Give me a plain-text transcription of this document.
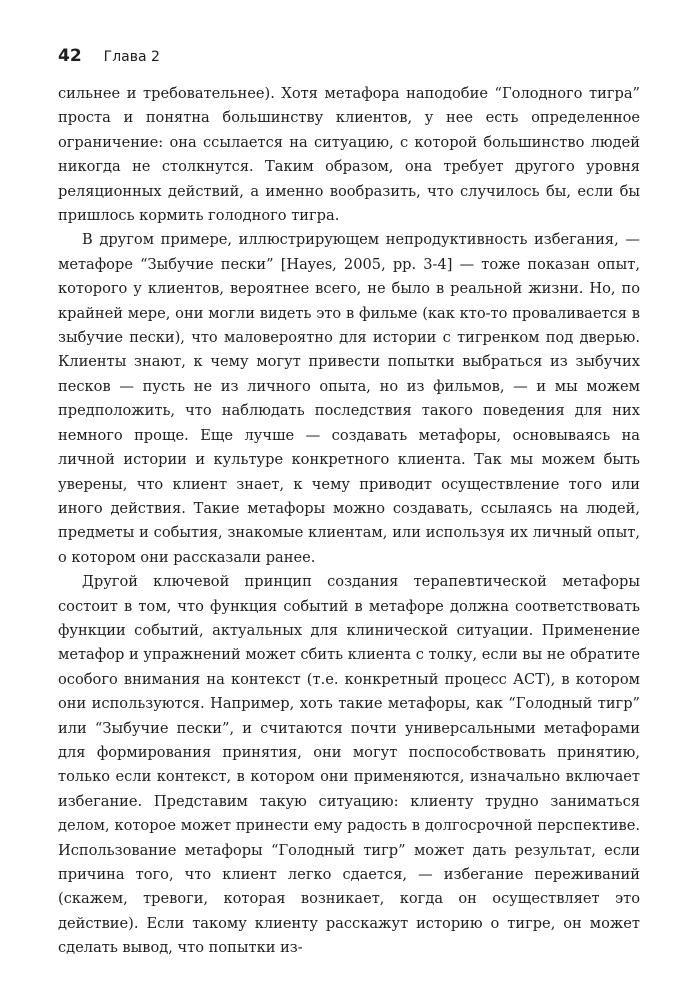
42 Глава 2

сильнее и требовательнее). Хотя метафора наподобие “Голодного тигра” проста и понятна большинству клиентов, у нее есть определенное ограничение: она ссылается на ситуацию, с которой большинство людей никогда не столкнутся. Таким образом, она требует другого уровня реляционных действий, а именно вообразить, что случилось бы, если бы пришлось кормить голодного тигра.

В другом примере, иллюстрирующем непродуктивность избегания, — метафоре “Зыбучие пески” [Hayes, 2005, pp. 3-4] — тоже показан опыт, которого у клиентов, вероятнее всего, не было в реальной жизни. Но, по крайней мере, они могли видеть это в фильме (как кто-то проваливается в зыбучие пески), что маловероятно для истории с тигренком под дверью. Клиенты знают, к чему могут привести попытки выбраться из зыбучих песков — пусть не из личного опыта, но из фильмов, — и мы можем предположить, что наблюдать последствия такого поведения для них немного проще. Еще лучше — создавать метафоры, основываясь на личной истории и культуре конкретного клиента. Так мы можем быть уверены, что клиент знает, к чему приводит осуществление того или иного действия. Такие метафоры можно создавать, ссылаясь на людей, предметы и события, знакомые клиентам, или используя их личный опыт, о котором они рассказали ранее.

Другой ключевой принцип создания терапевтической метафоры состоит в том, что функция событий в метафоре должна соответствовать функции событий, актуальных для клинической ситуации. Применение метафор и упражнений может сбить клиента с толку, если вы не обратите особого внимания на контекст (т.е. конкретный процесс АСТ), в котором они используются. Например, хоть такие метафоры, как “Голодный тигр” или “Зыбучие пески”, и считаются почти универсальными метафорами для формирования принятия, они могут поспособствовать принятию, только если контекст, в котором они применяются, изначально включает избегание. Представим такую ситуацию: клиенту трудно заниматься делом, которое может принести ему радость в долгосрочной перспективе. Использование метафоры “Голодный тигр” может дать результат, если причина того, что клиент легко сдается, — избегание переживаний (скажем, тревоги, которая возникает, когда он осуществляет это действие). Если такому клиенту расскажут историю о тигре, он может сделать вывод, что попытки из-
